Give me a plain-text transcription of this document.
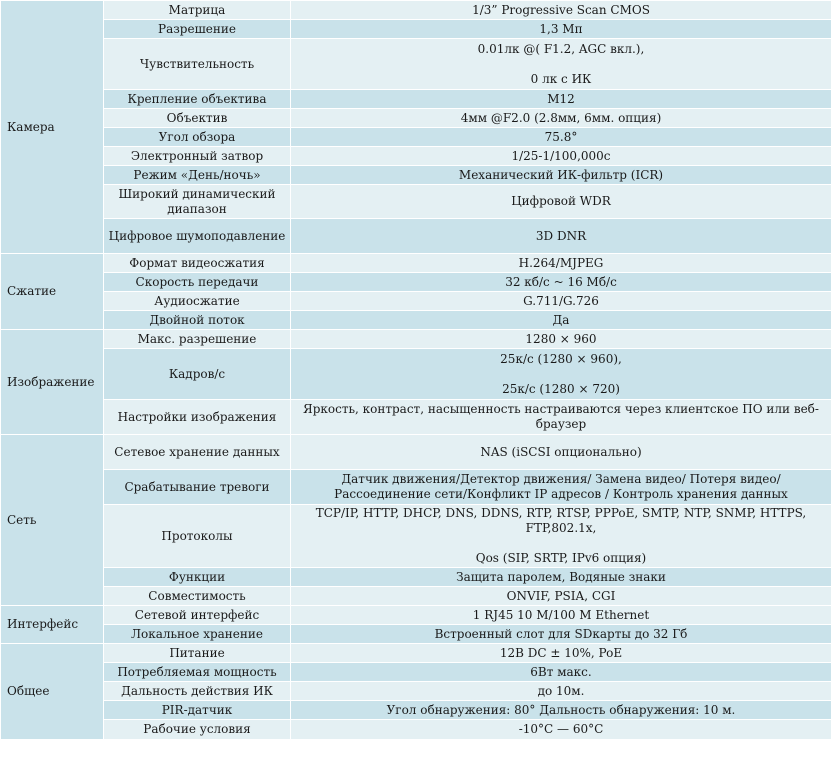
Камера	Матрица	1/3” Progressive Scan CMOS
	Разрешение	1,3 Мп
	Чувствительность	0.01лк @( F1.2, AGC вкл.),

0 лк с ИК
	Крепление объектива	M12
	Объектив	4мм @F2.0 (2.8мм, 6мм. опция)
	Угол обзора	75.8°
	Электронный затвор	1/25-1/100,000с
	Режим «День/ночь»	Механический ИК-фильтр (ICR)
	Широкий динамический диапазон	Цифровой WDR
	Цифровое шумоподавление	3D DNR
Сжатие	Формат видеосжатия	H.264/MJPEG
	Скорость передачи	32 кб/с ~ 16 Мб/с
	Аудиосжатие	G.711/G.726
	Двойной поток	Да
Изображение	Макс. разрешение	1280 × 960
	Кадров/с	25к/с (1280 × 960),

25к/с (1280 × 720)
	Настройки изображения	Яркость, контраст, насыщенность настраиваются через клиентское ПО или веб- браузер
Сеть	Сетевое хранение данных	NAS (iSCSI опционально)
	Срабатывание тревоги	Датчик движения/Детектор движения/ Замена видео/ Потеря видео/ Рассоединение сети/Конфликт IP адресов / Контроль хранения данных
	Протоколы	TCP/IP, HTTP, DHCP, DNS, DDNS, RTP, RTSP, PPPoE, SMTP, NTP, SNMP, HTTPS, FTP,802.1x,

Qos (SIP, SRTP, IPv6 опция)
	Функции	Защита паролем, Водяные знаки
	Совместимость	ONVIF, PSIA, CGI
Интерфейс	Сетевой интерфейс	1 RJ45 10 M/100 M Ethernet
	Локальное хранение	Встроенный слот для SDкарты до 32 Гб
Общее	Питание	12В DC ± 10%, PoE
	Потребляемая мощность	6Вт макс.
	Дальность действия ИК	до 10м.
	PIR-датчик	Угол обнаружения: 80° Дальность обнаружения: 10 м.
	Рабочие условия	-10°C — 60°C
